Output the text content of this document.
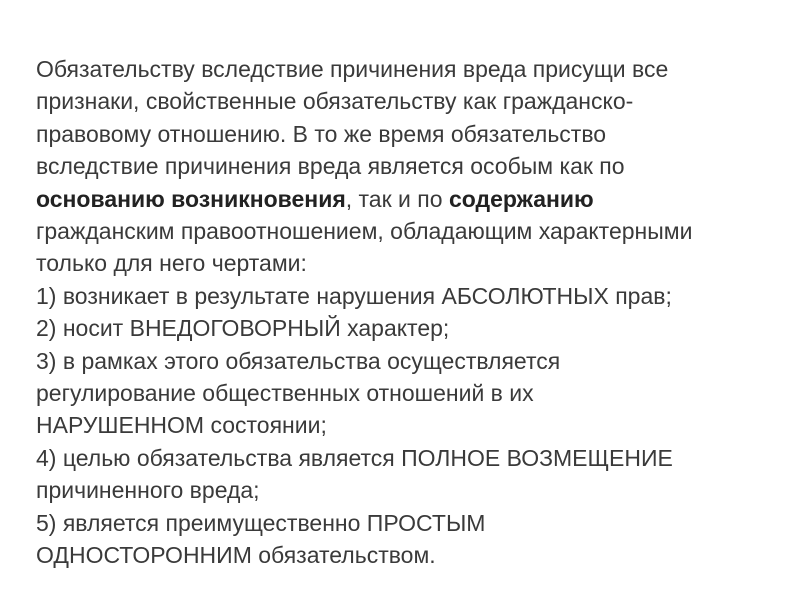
Обязательству вследствие причинения вреда присущи все
признаки, свойственные обязательству как гражданско-
правовому отношению. В то же время обязательство
вследствие причинения вреда является особым как по
основанию возникновения, так и по содержанию
гражданским правоотношением, обладающим характерными
только для него чертами:
1) возникает в результате нарушения АБСОЛЮТНЫХ прав;
2) носит ВНЕДОГОВОРНЫЙ характер;
3) в рамках этого обязательства осуществляется
регулирование общественных отношений в их
НАРУШЕННОМ состоянии;
4) целью обязательства является ПОЛНОЕ ВОЗМЕЩЕНИЕ
причиненного вреда;
5) является преимущественно ПРОСТЫМ
ОДНОСТОРОННИМ обязательством.
